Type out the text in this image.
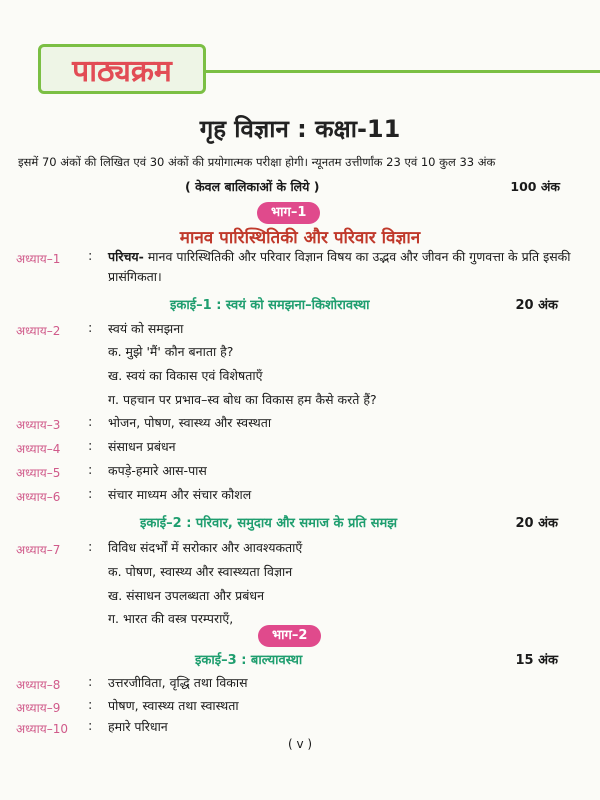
पाठ्यक्रम
गृह विज्ञान : कक्षा-11
इसमें 70 अंकों की लिखित एवं 30 अंकों की प्रयोगात्मक परीक्षा होगी। न्यूनतम उत्तीर्णांक 23 एवं 10 कुल 33 अंक
( केवल बालिकाओं के लिये )	100 अंक
भाग–1
मानव पारिस्थितिकी और परिवार विज्ञान
अध्याय–1 : परिचय- मानव पारिस्थितिकी और परिवार विज्ञान विषय का उद्भव और जीवन की गुणवत्ता के प्रति इसकी प्रासंगिकता।
इकाई–1 : स्वयं को समझना–किशोरावस्था	20 अंक
अध्याय–2 : स्वयं को समझना
क. मुझे 'मैं' कौन बनाता है?
ख. स्वयं का विकास एवं विशेषताएँ
ग. पहचान पर प्रभाव–स्व बोध का विकास हम कैसे करते हैं?
अध्याय–3 : भोजन, पोषण, स्वास्थ्य और स्वस्थता
अध्याय–4 : संसाधन प्रबंधन
अध्याय–5 : कपड़े-हमारे आस-पास
अध्याय–6 : संचार माध्यम और संचार कौशल
इकाई–2 : परिवार, समुदाय और समाज के प्रति समझ	20 अंक
अध्याय–7 : विविध संदर्भों में सरोकार और आवश्यकताएँ
क. पोषण, स्वास्थ्य और स्वास्थ्यता विज्ञान
ख. संसाधन उपलब्धता और प्रबंधन
ग. भारत की वस्त्र परम्पराएँ,
भाग–2
इकाई–3 : बाल्यावस्था	15 अंक
अध्याय–8 : उत्तरजीविता, वृद्धि तथा विकास
अध्याय–9 : पोषण, स्वास्थ्य तथा स्वास्थता
अध्याय–10 : हमारे परिधान
( v )
